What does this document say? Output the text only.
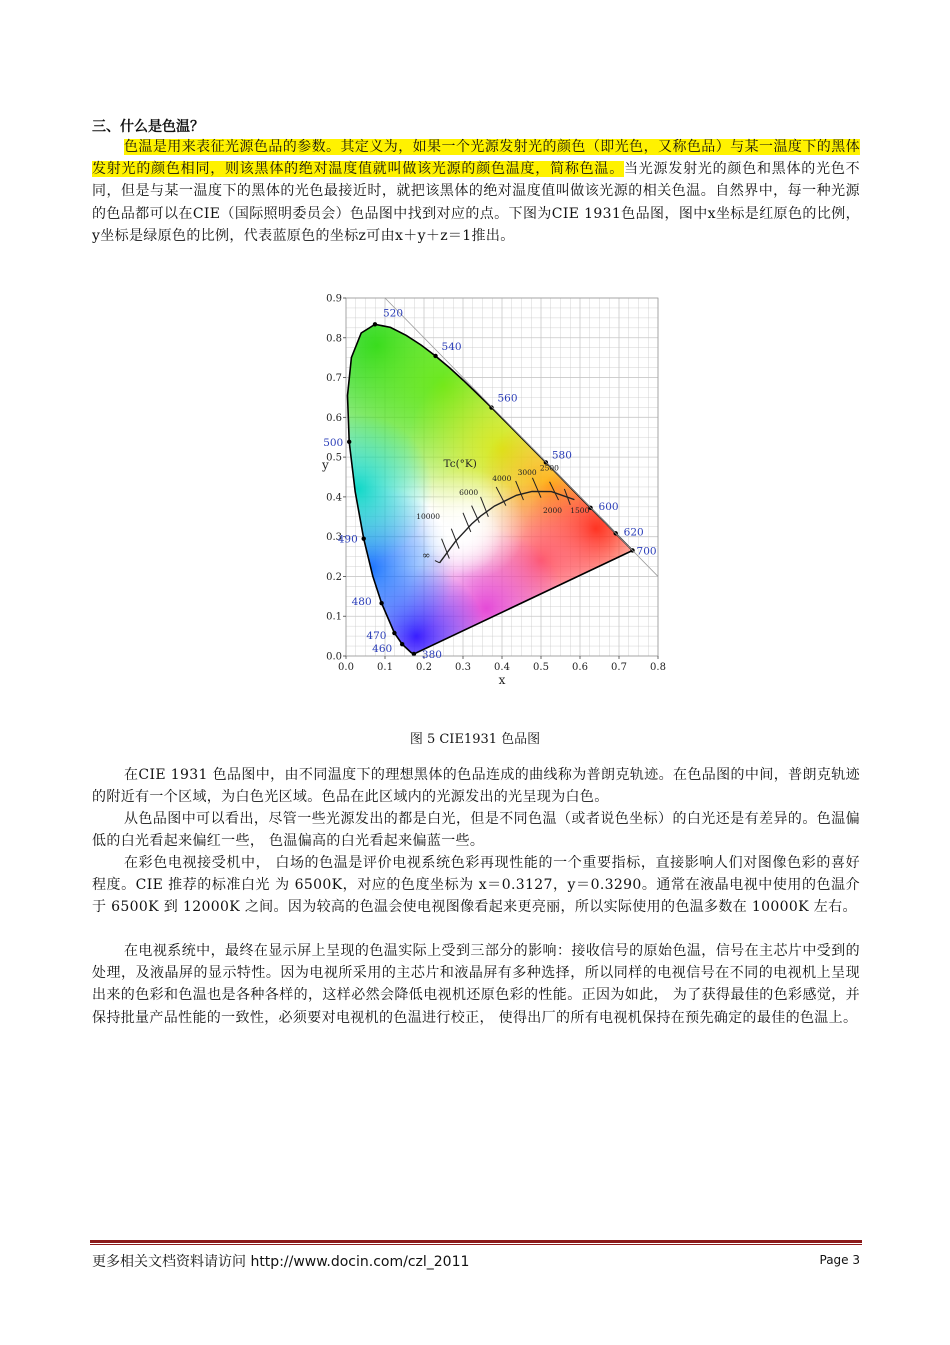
三、什么是色温？

色温是用来表征光源色品的参数。其定义为，如果一个光源发射光的颜色（即光色，又称色品）与某一温度下的黑体发射光的颜色相同，则该黑体的绝对温度值就叫做该光源的颜色温度，简称色温。当光源发射光的颜色和黑体的光色不同，但是与某一温度下的黑体的光色最接近时，就把该黑体的绝对温度值叫做该光源的相关色温。自然界中，每一种光源的色品都可以在CIE（国际照明委员会）色品图中找到对应的点。下图为CIE 1931色品图，图中x坐标是红原色的比例，y坐标是绿原色的比例，代表蓝原色的坐标z可由x＋y＋z＝1推出。

0.0 0.1 0.2 0.3 0.4 0.5 0.6 0.7 0.8
0.0
0.1
0.2
0.3
0.4
0.5
0.6
0.7
0.8
0.9
x
y
380
460
470
480
490
500
520
540
560
580
600
620
700
Tc(°K)
1500
2000
2500
3000
4000
6000
10000
∞
图 5 CIE1931 色品图

在CIE 1931 色品图中，由不同温度下的理想黑体的色品连成的曲线称为普朗克轨迹。在色品图的中间，普朗克轨迹的附近有一个区域，为白色光区域。色品在此区域内的光源发出的光呈现为白色。

从色品图中可以看出，尽管一些光源发出的都是白光，但是不同色温（或者说色坐标）的白光还是有差异的。色温偏低的白光看起来偏红一些， 色温偏高的白光看起来偏蓝一些。

在彩色电视接受机中， 白场的色温是评价电视系统色彩再现性能的一个重要指标，直接影响人们对图像色彩的喜好程度。CIE 推荐的标准白光 为 6500K，对应的色度坐标为 x＝0.3127，y＝0.3290。通常在液晶电视中使用的色温介于 6500K 到 12000K 之间。因为较高的色温会使电视图像看起来更亮丽，所以实际使用的色温多数在 10000K 左右。

在电视系统中，最终在显示屏上呈现的色温实际上受到三部分的影响：接收信号的原始色温，信号在主芯片中受到的处理，及液晶屏的显示特性。因为电视所采用的主芯片和液晶屏有多种选择，所以同样的电视信号在不同的电视机上呈现出来的色彩和色温也是各种各样的，这样必然会降低电视机还原色彩的性能。正因为如此， 为了获得最佳的色彩感觉，并保持批量产品性能的一致性，必须要对电视机的色温进行校正， 使得出厂的所有电视机保持在预先确定的最佳的色温上。

更多相关文档资料请访问 http://www.docin.com/czl_2011	Page 3
